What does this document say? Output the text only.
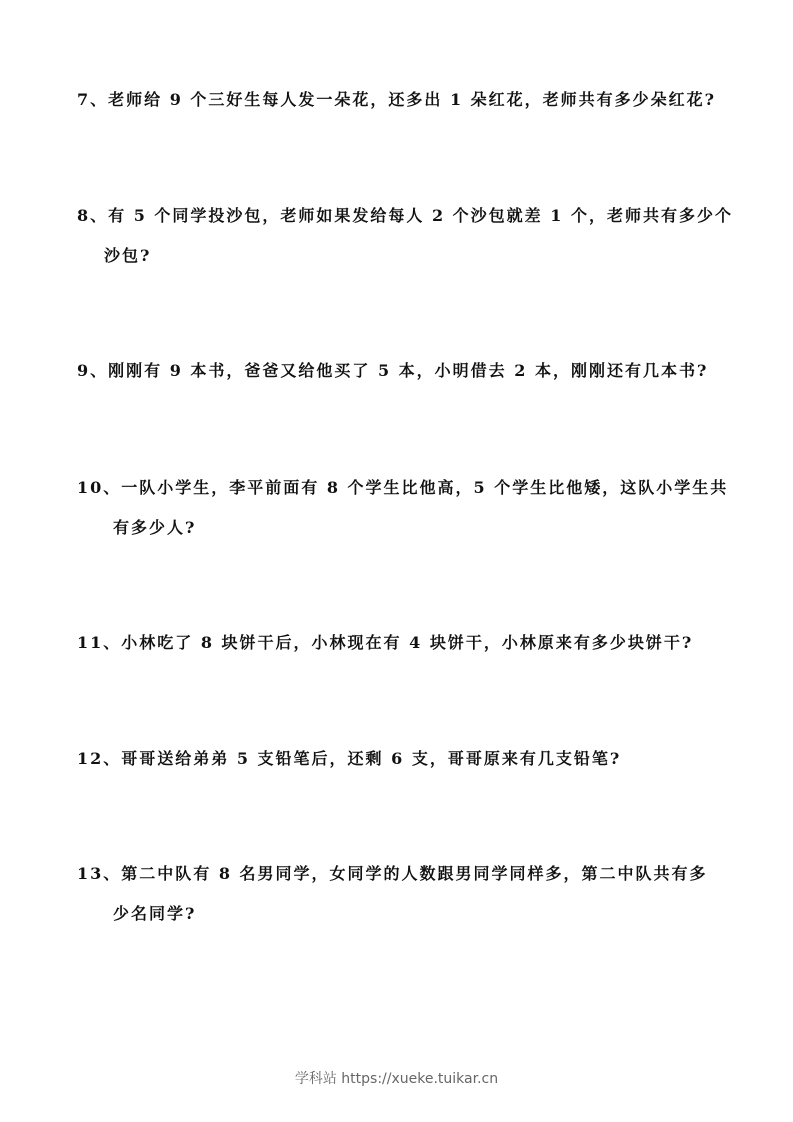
7、老师给 9 个三好生每人发一朵花，还多出 1 朵红花，老师共有多少朵红花?
8、有 5 个同学投沙包，老师如果发给每人 2 个沙包就差 1 个，老师共有多少个
沙包?
9、刚刚有 9 本书，爸爸又给他买了 5 本，小明借去 2 本，刚刚还有几本书?
10、一队小学生，李平前面有 8 个学生比他高，5 个学生比他矮，这队小学生共
有多少人?
11、小林吃了 8 块饼干后，小林现在有 4 块饼干，小林原来有多少块饼干?
12、哥哥送给弟弟 5 支铅笔后，还剩 6 支，哥哥原来有几支铅笔?
13、第二中队有 8 名男同学，女同学的人数跟男同学同样多，第二中队共有多
少名同学?
学科站 https://xueke.tuikar.cn
